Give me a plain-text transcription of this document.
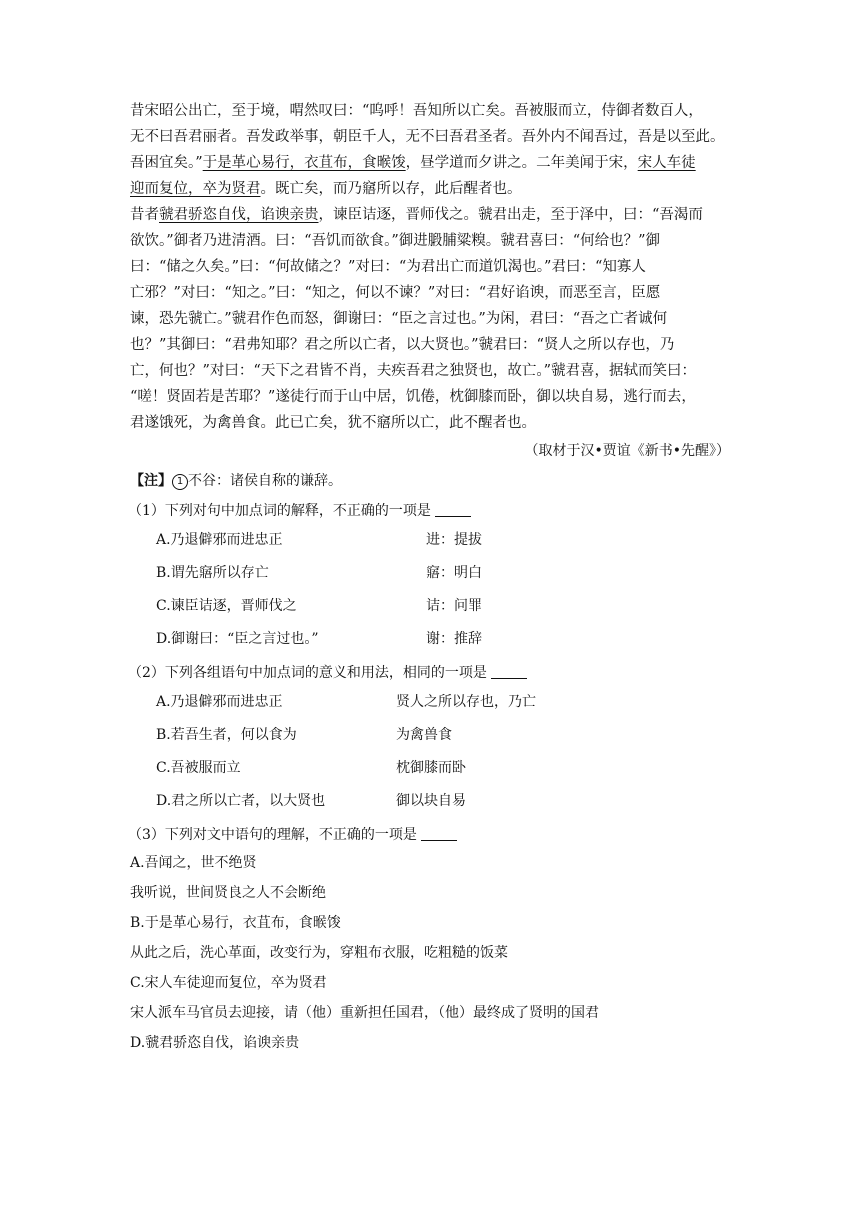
昔宋昭公出亡，至于境，喟然叹曰：“呜呼！吾知所以亡矣。吾被服而立，侍御者数百人，

无不曰吾君丽者。吾发政举事，朝臣千人，无不曰吾君圣者。吾外内不闻吾过，吾是以至此。

吾困宜矣。”于是革心易行，衣苴布，食㬋馂，昼学道而夕讲之。二年美闻于宋，宋人车徒

迎而复位，卒为贤君。既亡矣，而乃窹所以存，此后醒者也。

昔者虢君骄恣自伐，谄谀亲贵，谏臣诘逐，晋师伐之。虢君出走，至于泽中，曰：“吾渴而

欲饮。”御者乃进清酒。曰：“吾饥而欲食。”御进腶脯粱糗。虢君喜曰：“何给也？”御

曰：“储之久矣。”曰：“何故储之？”对曰：“为君出亡而道饥渴也。”君曰：“知寡人

亡邪？”对曰：“知之。”曰：“知之，何以不谏？”对曰：“君好谄谀，而恶至言，臣愿

谏，恐先虢亡。”虢君作色而怒，御谢曰：“臣之言过也。”为闲，君曰：“吾之亡者诚何

也？”其御曰：“君弗知耶？君之所以亡者，以大贤也。”虢君曰：“贤人之所以存也，乃

亡，何也？”对曰：“天下之君皆不肖，夫疾吾君之独贤也，故亡。”虢君喜，据轼而笑曰：

“嗟！贤固若是苦耶？”遂徒行而于山中居，饥倦，枕御膝而卧，御以块自易，逃行而去，

君遂饿死，为禽兽食。此已亡矣，犹不窹所以亡，此不醒者也。

（取材于汉•贾谊《新书•先醒》）
【注】 1 不谷：诸侯自称的谦辞。
（1）下列对句中加点词的解释，不正确的一项是
A.乃退僻邪而进忠正	进：提拔
B.谓先窹所以存亡	窹：明白
C.谏臣诘逐，晋师伐之	诘：问罪
D.御谢曰：“臣之言过也。”	谢：推辞
（2）下列各组语句中加点词的意义和用法，相同的一项是
A.乃退僻邪而进忠正	贤人之所以存也，乃亡
B.若吾生者，何以食为	为禽兽食
C.吾被服而立	枕御膝而卧
D.君之所以亡者，以大贤也	御以块自易
（3）下列对文中语句的理解，不正确的一项是
A.吾闻之，世不绝贤
我听说，世间贤良之人不会断绝
B.于是革心易行，衣苴布，食㬋馂
从此之后，洗心革面，改变行为，穿粗布衣服，吃粗糙的饭菜
C.宋人车徒迎而复位，卒为贤君
宋人派车马官员去迎接，请（他）重新担任国君，（他）最终成了贤明的国君
D.虢君骄恣自伐，谄谀亲贵
